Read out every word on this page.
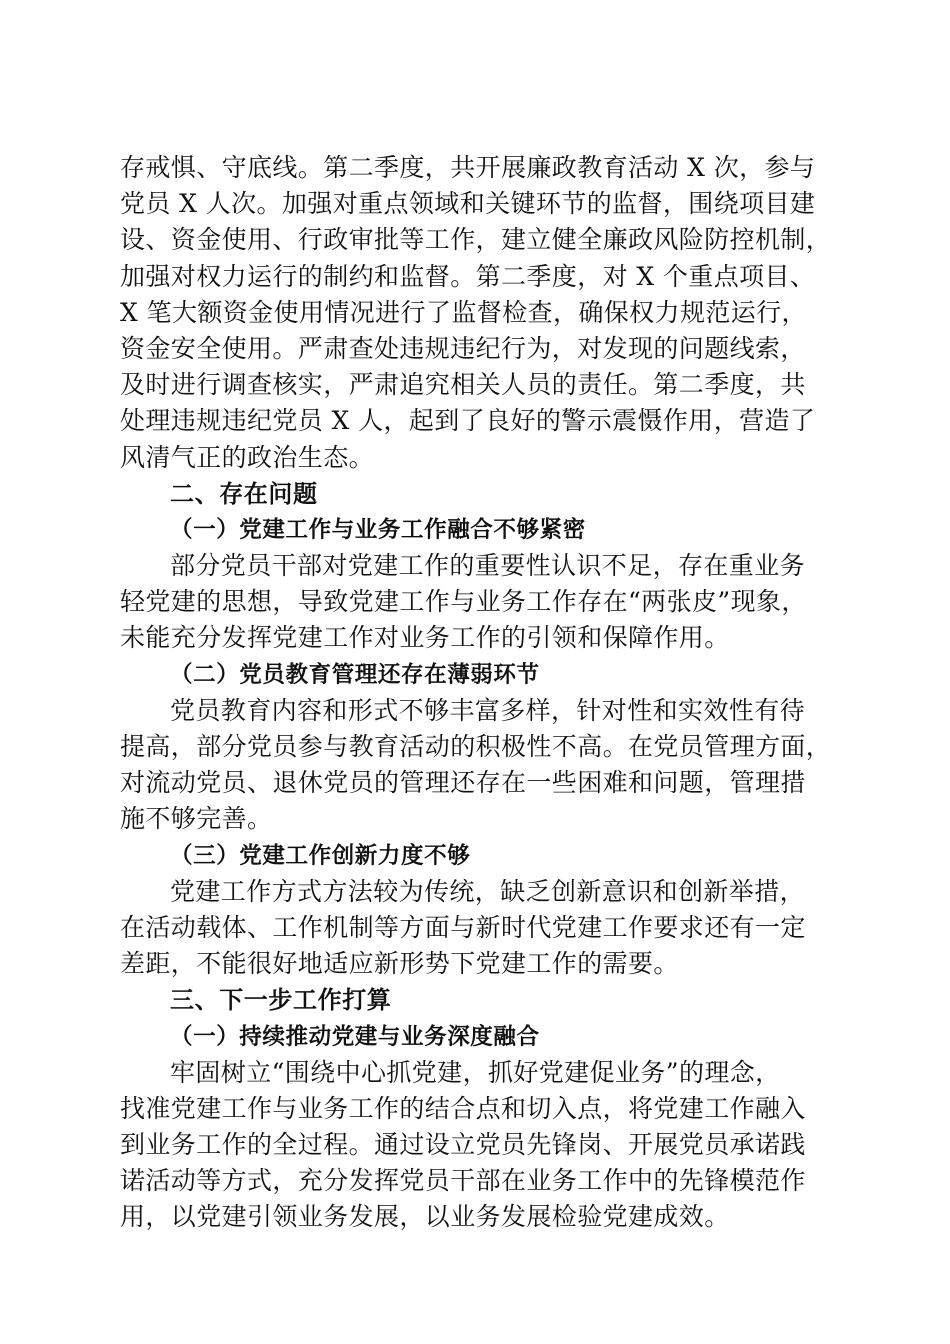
存戒惧、守底线。第二季度，共开展廉政教育活动 X 次，参与
党员 X 人次。加强对重点领域和关键环节的监督，围绕项目建
设、资金使用、行政审批等工作，建立健全廉政风险防控机制，
加强对权力运行的制约和监督。第二季度，对 X 个重点项目、
X 笔大额资金使用情况进行了监督检查，确保权力规范运行，
资金安全使用。严肃查处违规违纪行为，对发现的问题线索，
及时进行调查核实，严肃追究相关人员的责任。第二季度，共
处理违规违纪党员 X 人，起到了良好的警示震慑作用，营造了
风清气正的政治生态。
二、存在问题
（一）党建工作与业务工作融合不够紧密
部分党员干部对党建工作的重要性认识不足，存在重业务
轻党建的思想，导致党建工作与业务工作存在“两张皮”现象，
未能充分发挥党建工作对业务工作的引领和保障作用。
（二）党员教育管理还存在薄弱环节
党员教育内容和形式不够丰富多样，针对性和实效性有待
提高，部分党员参与教育活动的积极性不高。在党员管理方面，
对流动党员、退休党员的管理还存在一些困难和问题，管理措
施不够完善。
（三）党建工作创新力度不够
党建工作方式方法较为传统，缺乏创新意识和创新举措，
在活动载体、工作机制等方面与新时代党建工作要求还有一定
差距，不能很好地适应新形势下党建工作的需要。
三、下一步工作打算
（一）持续推动党建与业务深度融合
牢固树立“围绕中心抓党建，抓好党建促业务”的理念，
找准党建工作与业务工作的结合点和切入点，将党建工作融入
到业务工作的全过程。通过设立党员先锋岗、开展党员承诺践
诺活动等方式，充分发挥党员干部在业务工作中的先锋模范作
用，以党建引领业务发展，以业务发展检验党建成效。
